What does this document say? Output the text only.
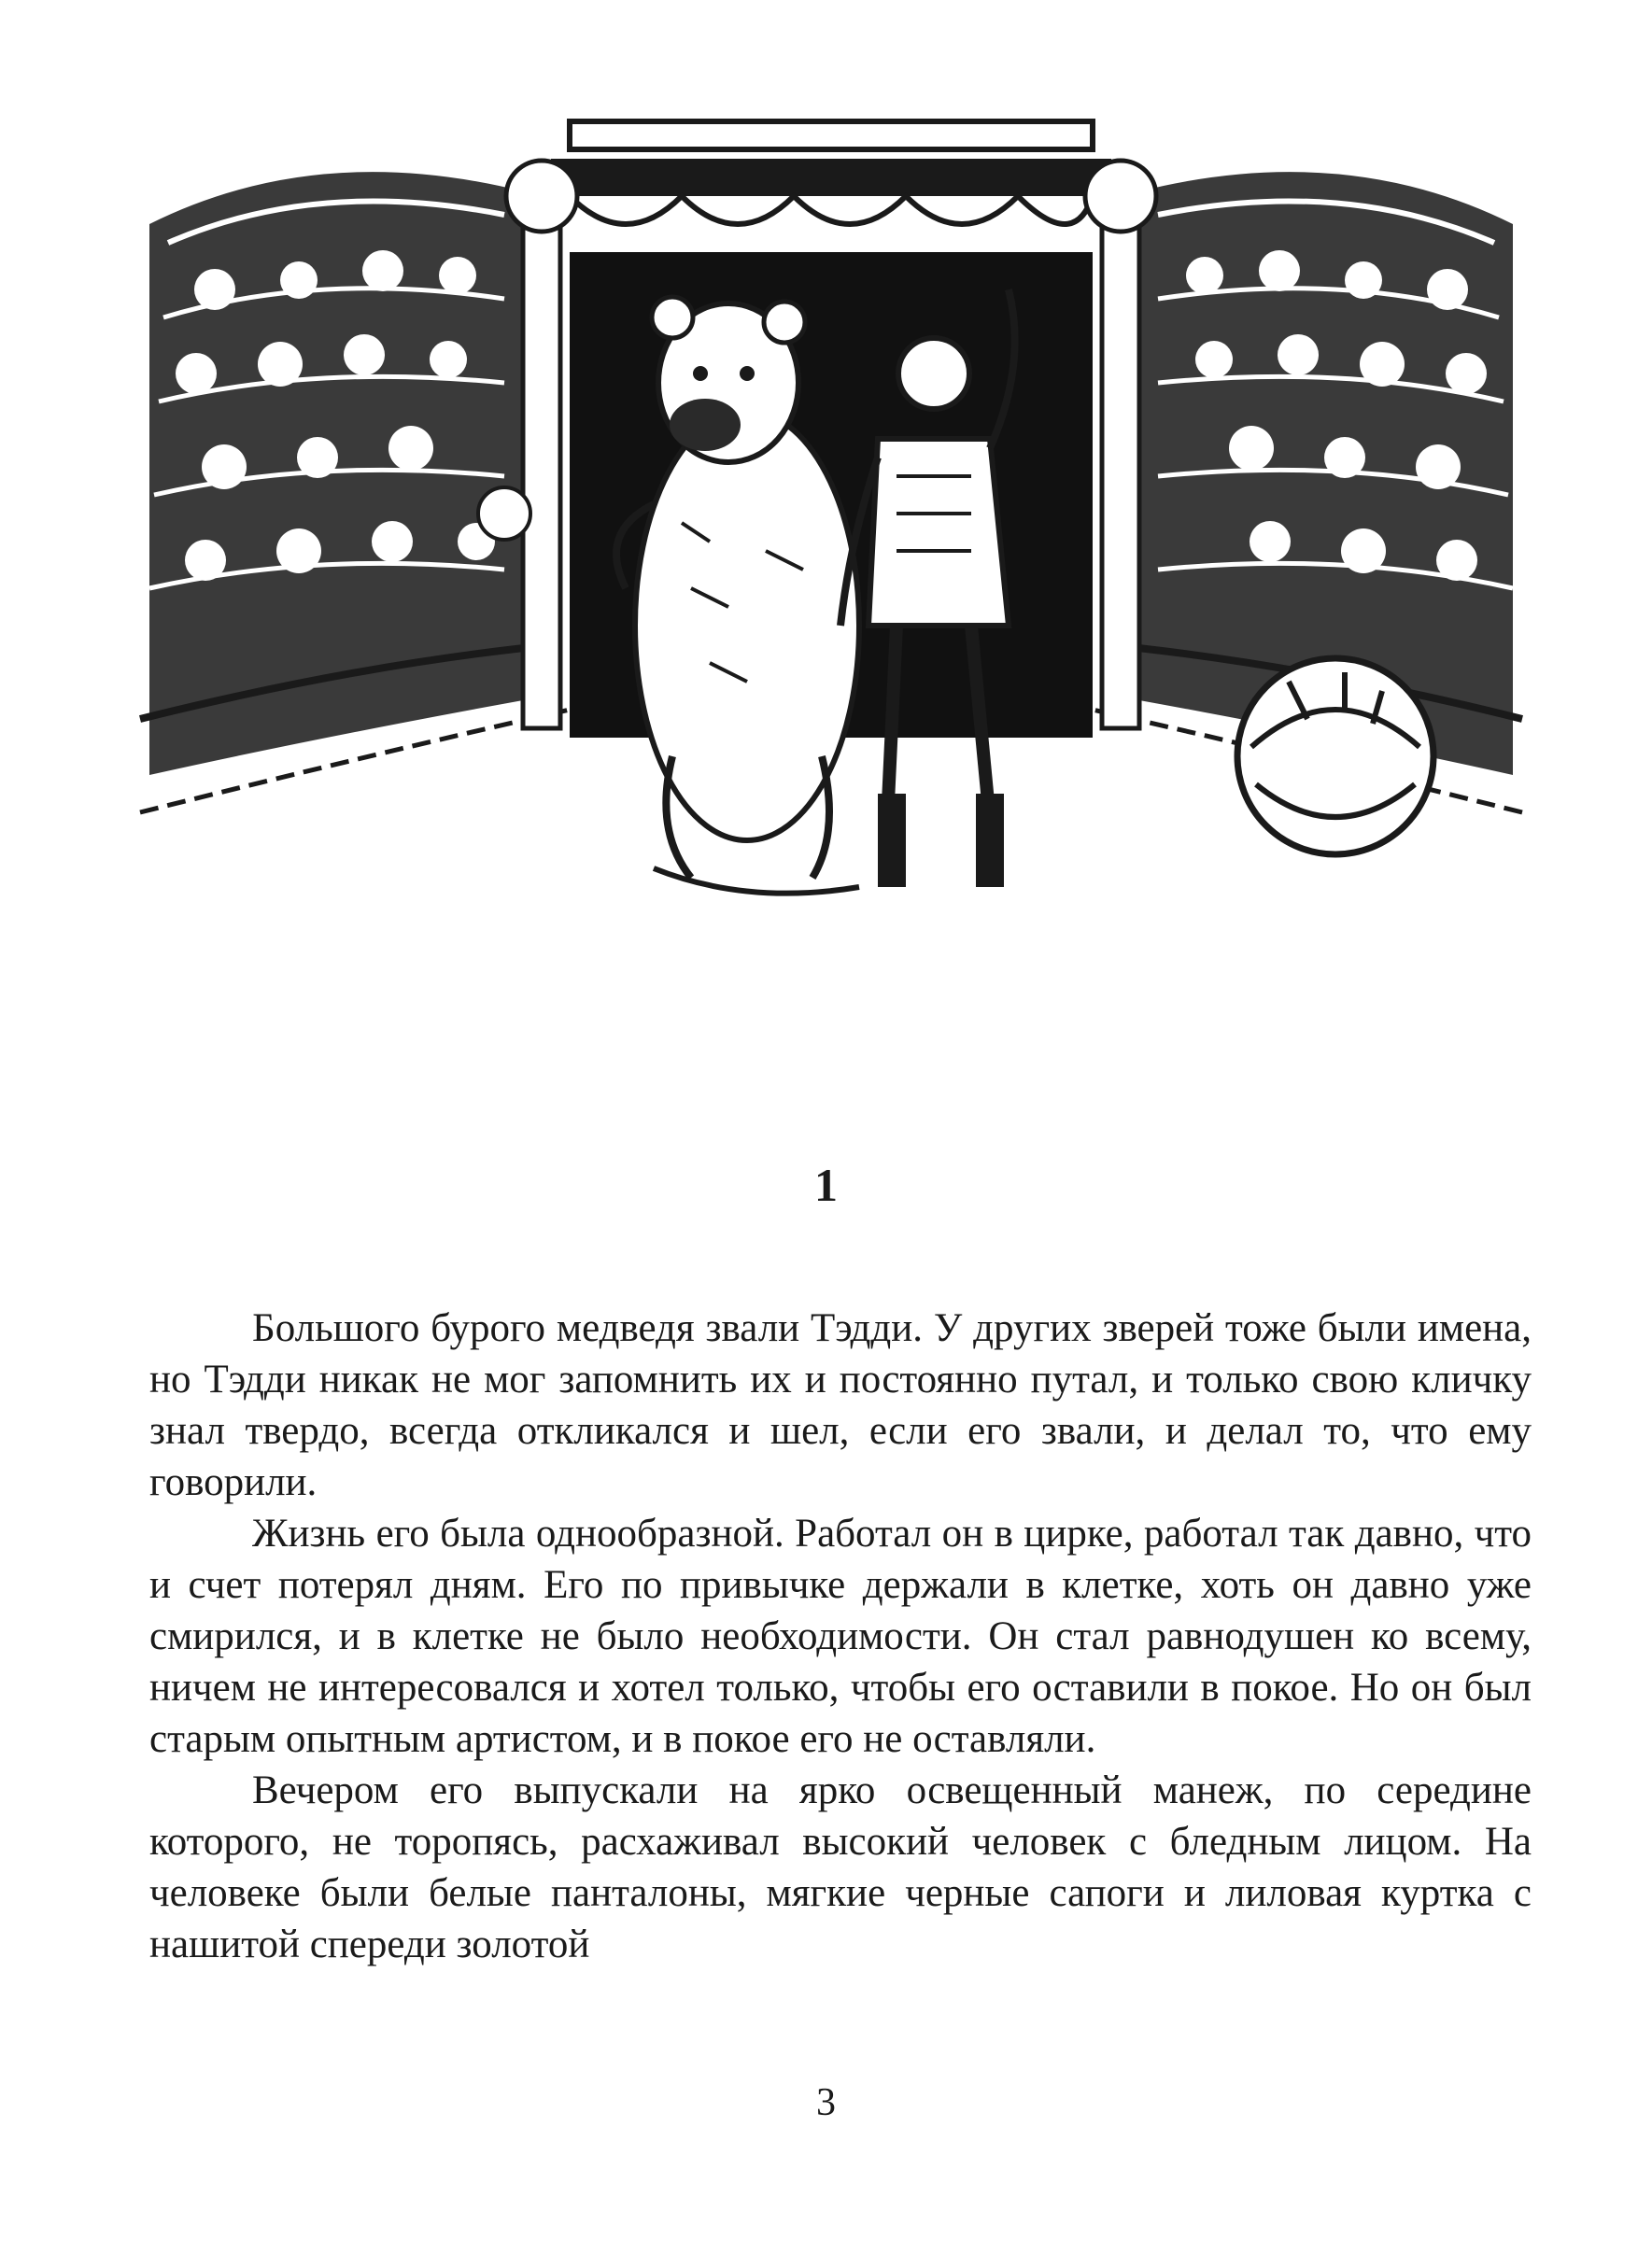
1

Большого бурого медведя звали Тэдди. У других зверей тоже были имена, но Тэдди никак не мог запомнить их и постоянно путал, и только свою кличку знал твердо, всегда откликался и шел, если его звали, и делал то, что ему говорили.

Жизнь его была однообразной. Работал он в цирке, работал так давно, что и счет потерял дням. Его по привычке держали в клетке, хоть он давно уже смирился, и в клетке не было необходимости. Он стал равнодушен ко всему, ничем не интересовался и хотел только, чтобы его оставили в покое. Но он был старым опытным артистом, и в покое его не оставляли.

Вечером его выпускали на ярко освещенный манеж, по середине которого, не торопясь, расхаживал высокий человек с бледным лицом. На человеке были белые панталоны, мягкие черные сапоги и лиловая куртка с нашитой спереди золотой

3
